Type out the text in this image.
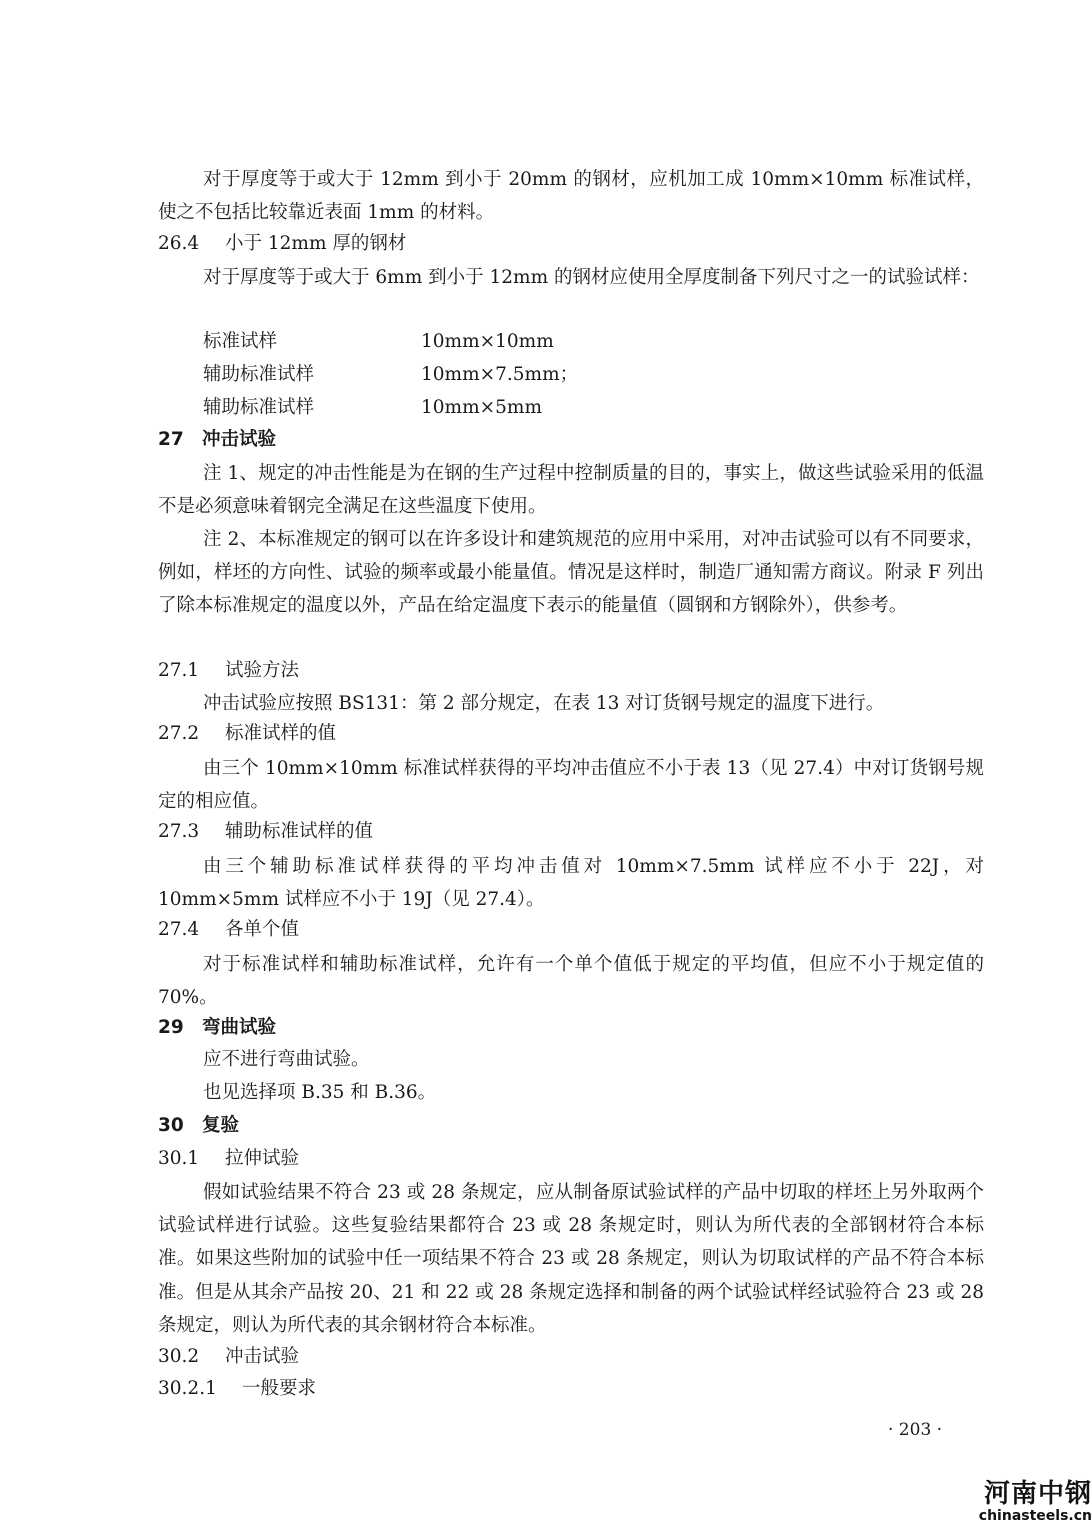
对于厚度等于或大于 12mm 到小于 20mm 的钢材，应机加工成 10mm×10mm 标准试样，使之不包括比较靠近表面 1mm 的材料。
26.4 小于 12mm 厚的钢材
对于厚度等于或大于 6mm 到小于 12mm 的钢材应使用全厚度制备下列尺寸之一的试验试样：
标准试样	10mm×10mm
辅助标准试样	10mm×7.5mm；
辅助标准试样	10mm×5mm
27 冲击试验
注 1、规定的冲击性能是为在钢的生产过程中控制质量的目的，事实上，做这些试验采用的低温不是必须意味着钢完全满足在这些温度下使用。
注 2、本标准规定的钢可以在许多设计和建筑规范的应用中采用，对冲击试验可以有不同要求，例如，样坯的方向性、试验的频率或最小能量值。情况是这样时，制造厂通知需方商议。附录 F 列出了除本标准规定的温度以外，产品在给定温度下表示的能量值（圆钢和方钢除外），供参考。
27.1 试验方法
冲击试验应按照 BS131：第 2 部分规定，在表 13 对订货钢号规定的温度下进行。
27.2 标准试样的值
由三个 10mm×10mm 标准试样获得的平均冲击值应不小于表 13（见 27.4）中对订货钢号规定的相应值。
27.3 辅助标准试样的值
由三个辅助标准试样获得的平均冲击值对 10mm×7.5mm 试样应不小于 22J，对 10mm×5mm 试样应不小于 19J（见 27.4）。
27.4 各单个值
对于标准试样和辅助标准试样，允许有一个单个值低于规定的平均值，但应不小于规定值的 70%。
29 弯曲试验
应不进行弯曲试验。
也见选择项 B.35 和 B.36。
30 复验
30.1 拉伸试验
假如试验结果不符合 23 或 28 条规定，应从制备原试验试样的产品中切取的样坯上另外取两个试验试样进行试验。这些复验结果都符合 23 或 28 条规定时，则认为所代表的全部钢材符合本标准。如果这些附加的试验中任一项结果不符合 23 或 28 条规定，则认为切取试样的产品不符合本标准。但是从其余产品按 20、21 和 22 或 28 条规定选择和制备的两个试验试样经试验符合 23 或 28 条规定，则认为所代表的其余钢材符合本标准。
30.2 冲击试验
30.2.1 一般要求
· 203 ·
河南中钢
chinasteels.cn
